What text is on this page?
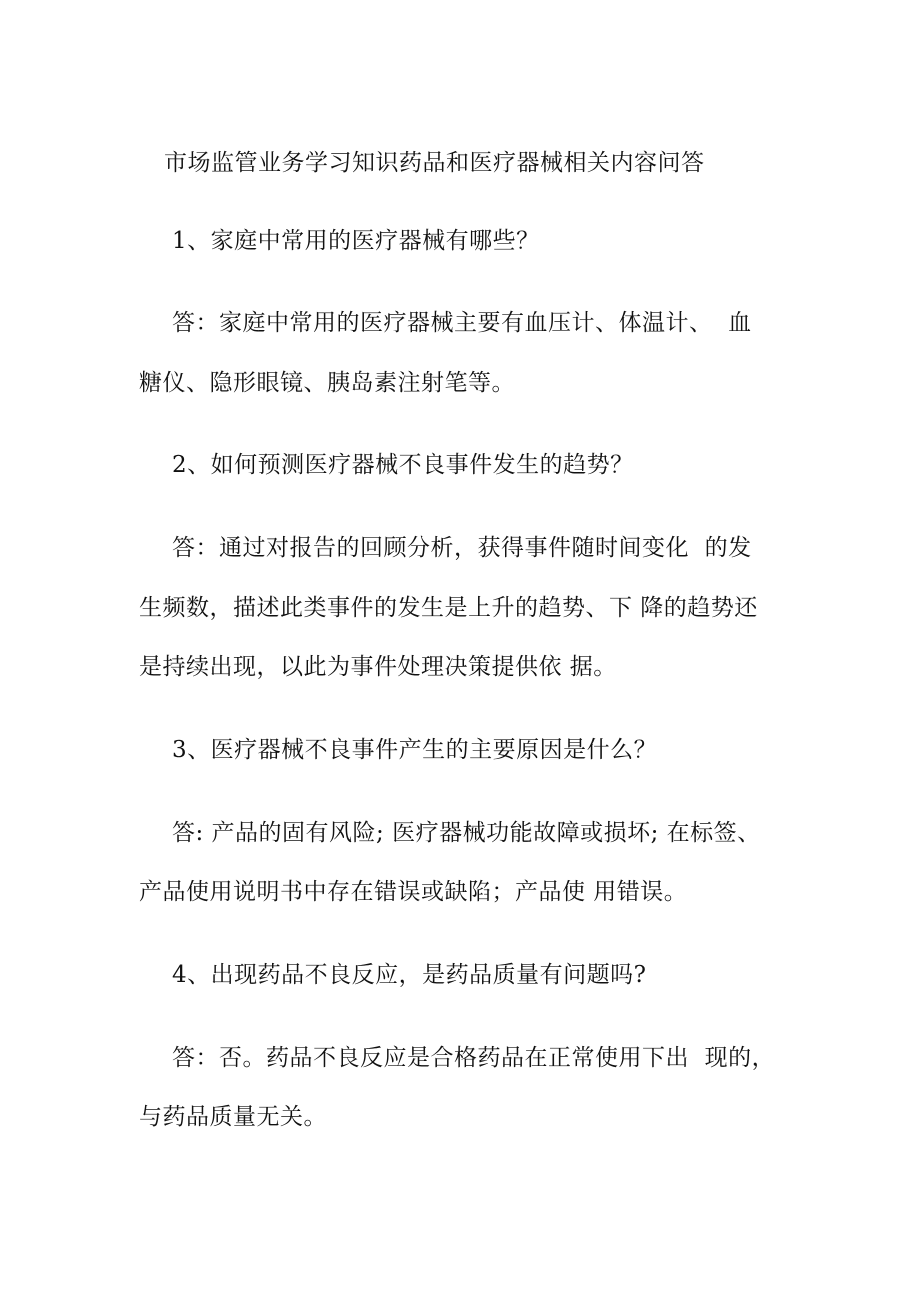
市场监管业务学习知识药品和医疗器械相关内容问答
1、家庭中常用的医疗器械有哪些？
答：家庭中常用的医疗器械主要有血压计、体温计、  血
糖仪、隐形眼镜、胰岛素注射笔等。
2、如何预测医疗器械不良事件发生的趋势？
答：通过对报告的回顾分析，获得事件随时间变化  的发
生频数，描述此类事件的发生是上升的趋势、下 降的趋势还
是持续出现，以此为事件处理决策提供依 据。
3、医疗器械不良事件产生的主要原因是什么？
答: 产品的固有风险; 医疗器械功能故障或损坏; 在标签、
产品使用说明书中存在错误或缺陷；产品使 用错误。
4、出现药品不良反应，是药品质量有问题吗?
答：否。药品不良反应是合格药品在正常使用下出  现的，
与药品质量无关。
